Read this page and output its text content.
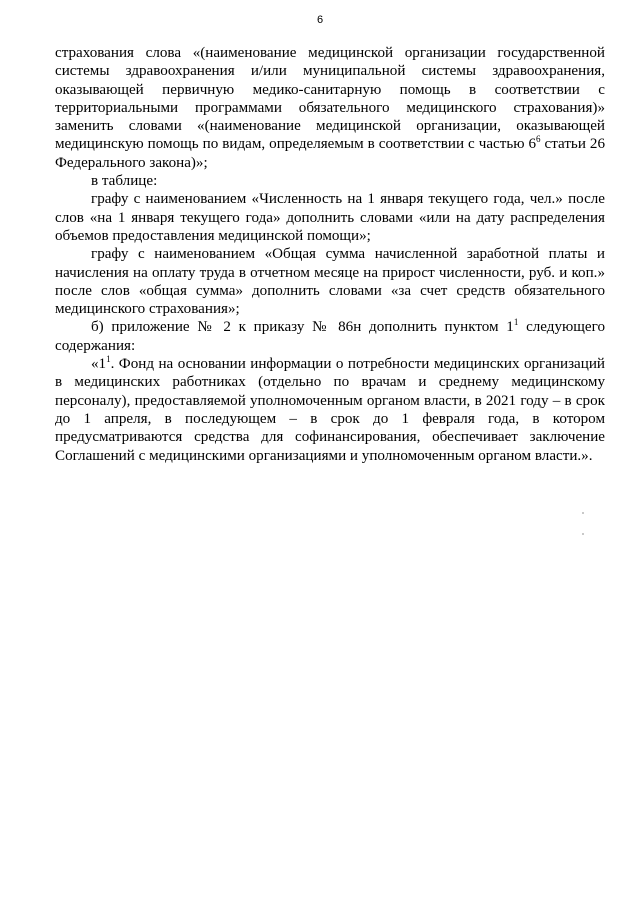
6

страхования слова «(наименование медицинской организации государственной системы здравоохранения и/или муниципальной системы здравоохранения, оказывающей первичную медико-санитарную помощь в соответствии с территориальными программами обязательного медицинского страхования)» заменить словами «(наименование медицинской организации, оказывающей медицинскую помощь по видам, определяемым в соответствии с частью $6^6$ статьи 26 Федерального закона)»;

в таблице:

графу с наименованием «Численность на 1 января текущего года, чел.» после слов «на 1 января текущего года» дополнить словами «или на дату распределения объемов предоставления медицинской помощи»;

графу с наименованием «Общая сумма начисленной заработной платы и начисления на оплату труда в отчетном месяце на прирост численности, руб. и коп.» после слов «общая сумма» дополнить словами «за счет средств обязательного медицинского страхования»;

б) приложение № 2 к приказу № 86н дополнить пунктом $1^1$ следующего содержания:

«$1^1$. Фонд на основании информации о потребности медицинских организаций в медицинских работниках (отдельно по врачам и среднему медицинскому персоналу), предоставляемой уполномоченным органом власти, в 2021 году – в срок до 1 апреля, в последующем – в срок до 1 февраля года, в котором предусматриваются средства для софинансирования, обеспечивает заключение Соглашений с медицинскими организациями и уполномоченным органом власти.».
